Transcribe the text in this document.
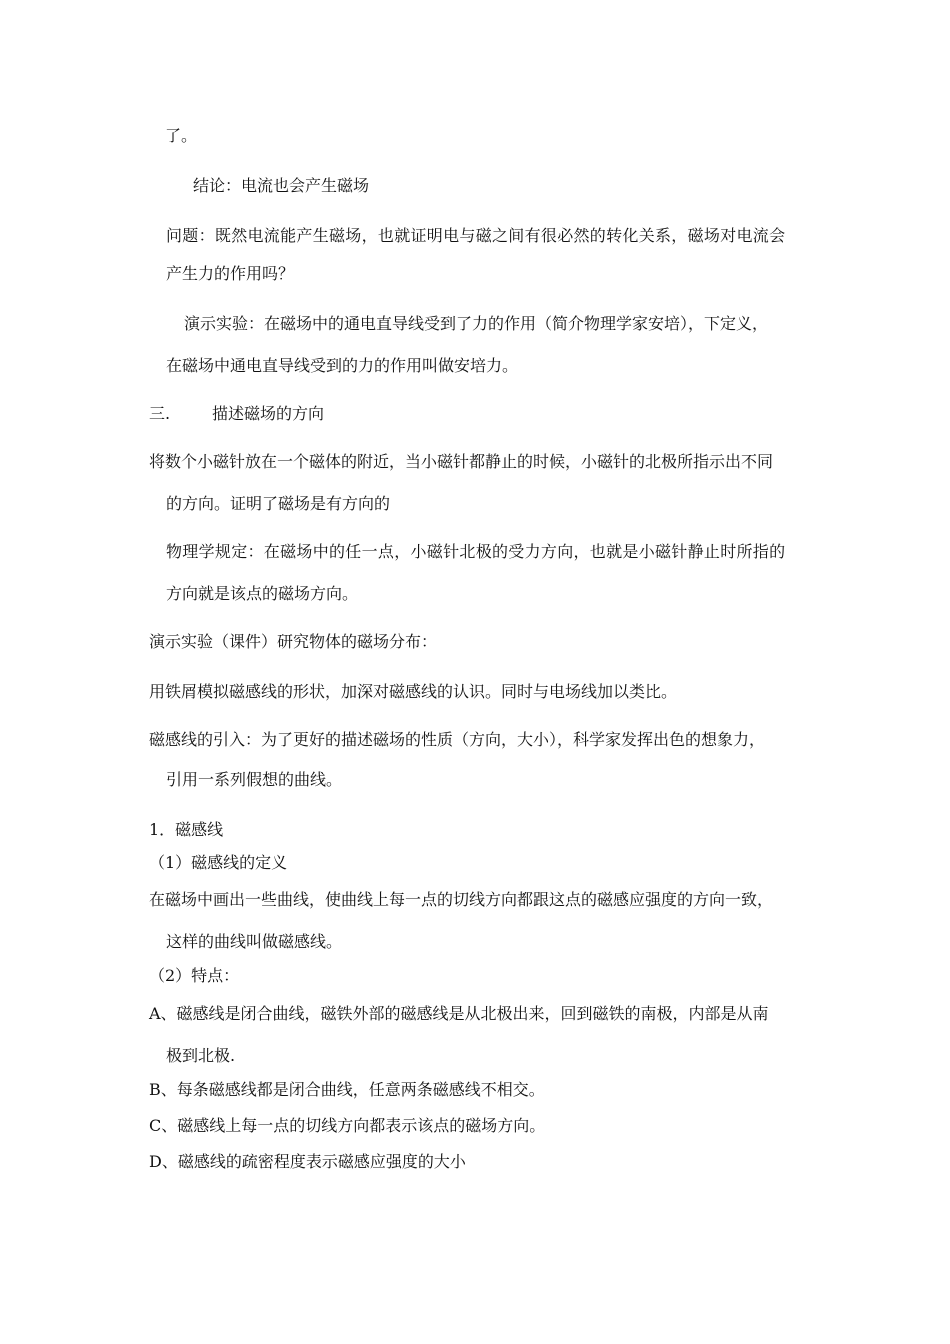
了。
结论：电流也会产生磁场
问题：既然电流能产生磁场，也就证明电与磁之间有很必然的转化关系，磁场对电流会
产生力的作用吗？
演示实验：在磁场中的通电直导线受到了力的作用（简介物理学家安培），下定义，
在磁场中通电直导线受到的力的作用叫做安培力。
三.	描述磁场的方向
将数个小磁针放在一个磁体的附近，当小磁针都静止的时候，小磁针的北极所指示出不同
的方向。证明了磁场是有方向的
物理学规定：在磁场中的任一点，小磁针北极的受力方向，也就是小磁针静止时所指的
方向就是该点的磁场方向。
演示实验（课件）研究物体的磁场分布：
用铁屑模拟磁感线的形状，加深对磁感线的认识。同时与电场线加以类比。
磁感线的引入：为了更好的描述磁场的性质（方向，大小），科学家发挥出色的想象力，
引用一系列假想的曲线。
1．磁感线
（1）磁感线的定义
在磁场中画出一些曲线，使曲线上每一点的切线方向都跟这点的磁感应强度的方向一致，
这样的曲线叫做磁感线。
（2）特点：
A、磁感线是闭合曲线，磁铁外部的磁感线是从北极出来，回到磁铁的南极，内部是从南
极到北极.
B、每条磁感线都是闭合曲线，任意两条磁感线不相交。
C、磁感线上每一点的切线方向都表示该点的磁场方向。
D、磁感线的疏密程度表示磁感应强度的大小
